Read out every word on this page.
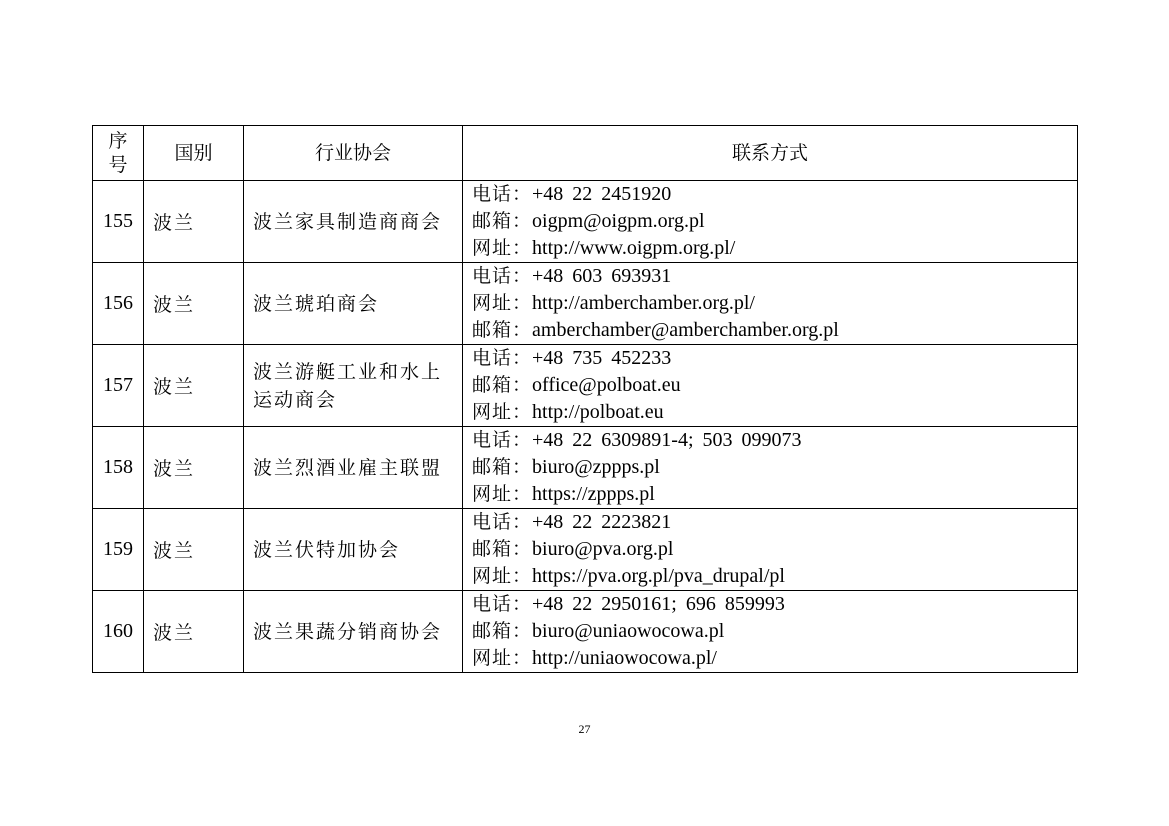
序
号	国别	行业协会	联系方式
155	波兰	波兰家具制造商商会	电话：+48 22 2451920
邮箱：oigpm@oigpm.org.pl
网址：http://www.oigpm.org.pl/

156	波兰	波兰琥珀商会	电话：+48 603 693931
网址：http://amberchamber.org.pl/
邮箱：amberchamber@amberchamber.org.pl

157	波兰	波兰游艇工业和水上运动商会	电话：+48 735 452233
邮箱：office@polboat.eu
网址：http://polboat.eu

158	波兰	波兰烈酒业雇主联盟	电话：+48 22 6309891-4; 503 099073
邮箱：biuro@zppps.pl
网址：https://zppps.pl

159	波兰	波兰伏特加协会	电话：+48 22 2223821
邮箱：biuro@pva.org.pl
网址：https://pva.org.pl/pva_drupal/pl

160	波兰	波兰果蔬分销商协会	电话：+48 22 2950161; 696 859993
邮箱：biuro@uniaowocowa.pl
网址：http://uniaowocowa.pl/
27
